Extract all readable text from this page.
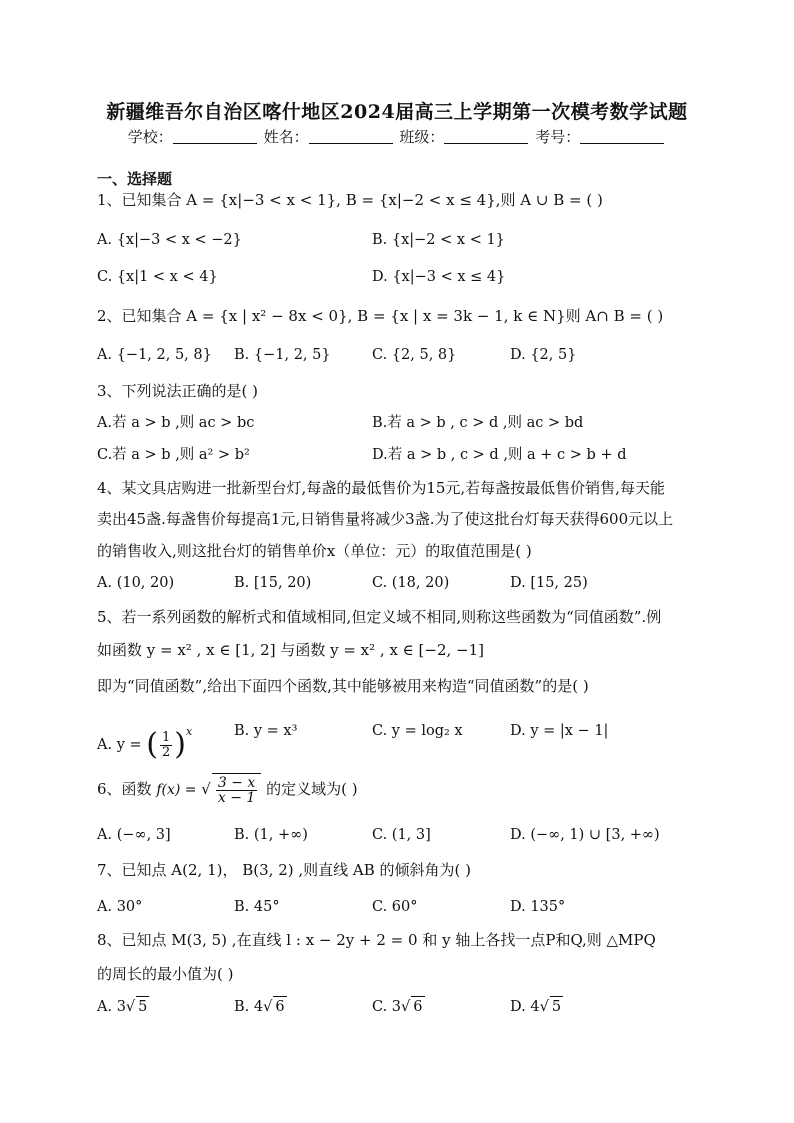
新疆维吾尔自治区喀什地区2024届高三上学期第一次模考数学试题
学校：	姓名：	班级：	考号：
一、选择题
1、已知集合 A = {x|−3 < x < 1}, B = {x|−2 < x ≤ 4},则 A ∪ B = ( )
A. {x|−3 < x < −2}	B. {x|−2 < x < 1}
C. {x|1 < x < 4}	D. {x|−3 < x ≤ 4}
2、已知集合 A = {x | x² − 8x < 0}, B = {x | x = 3k − 1, k ∈ N}则 A∩ B = ( )
A. {−1, 2, 5, 8} B. {−1, 2, 5}	C. {2, 5, 8}	D. {2, 5}
3、下列说法正确的是( )
A.若 a > b ,则 ac > bc	B.若 a > b , c > d ,则 ac > bd
C.若 a > b ,则 a² > b²	D.若 a > b , c > d ,则 a + c > b + d
4、某文具店购进一批新型台灯,每盏的最低售价为15元,若每盏按最低售价销售,每天能
卖出45盏.每盏售价每提高1元,日销售量将减少3盏.为了使这批台灯每天获得600元以上
的销售收入,则这批台灯的销售单价x（单位：元）的取值范围是( )
A. (10, 20)	B. [15, 20)	C. (18, 20)	D. [15, 25)
5、若一系列函数的解析式和值域相同,但定义域不相同,则称这些函数为“同值函数”.例
如函数 y = x² , x ∈ [1, 2] 与函数 y = x² , x ∈ [−2, −1]
即为“同值函数”,给出下面四个函数,其中能够被用来构造“同值函数”的是( )
A. y = ( $\frac{1}{2} )^x$	B. y = x³	C. y = log₂ x	D. y = |x − 1|
6、函数 f(x) = √ $\frac{3 - x}{x - 1}$ 的定义域为( )
A. (−∞, 3]	B. (1, +∞)	C. (1, 3]	D. (−∞, 1) ∪ [3, +∞)
7、已知点 A(2, 1)， B(3, 2) ,则直线 AB 的倾斜角为( )
A. 30°	B. 45°	C. 60°	D. 135°
8、已知点 M(3, 5) ,在直线 l : x − 2y + 2 = 0 和 y 轴上各找一点P和Q,则 △MPQ
的周长的最小值为( )
A. 3√ 5	B. 4√ 6	C. 3√ 6	D. 4√ 5
